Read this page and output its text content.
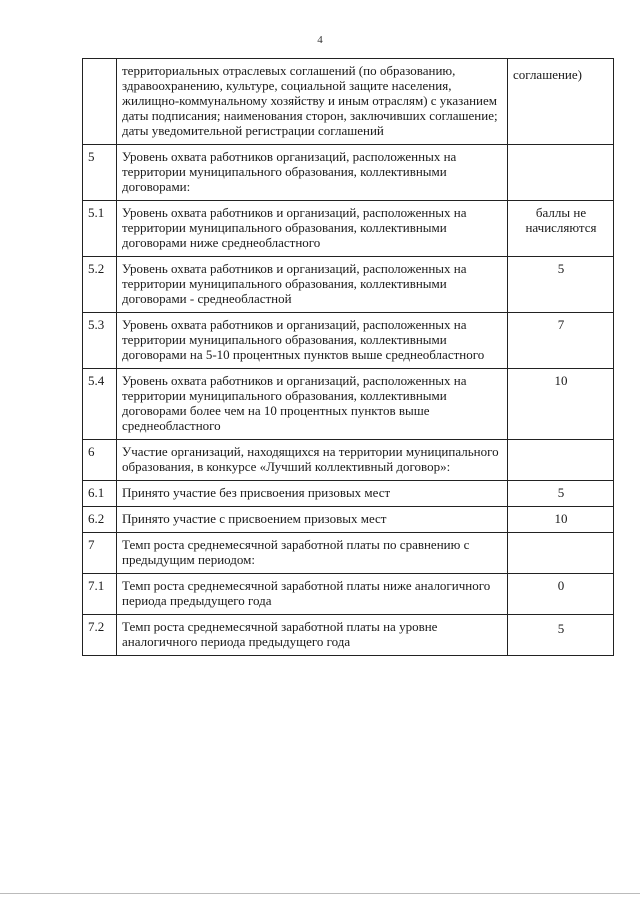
4
	территориальных отраслевых соглашений (по образованию, здравоохранению, культуре, социальной защите населения, жилищно-коммунальному хозяйству и иным отраслям) с указанием даты подписания; наименования сторон, заключивших соглашение; даты уведомительной регистрации соглашений	соглашение)
5	Уровень охвата работников организаций, расположенных на территории муниципального образования, коллективными договорами:	
5.1	Уровень охвата работников и организаций, расположенных на территории муниципального образования, коллективными договорами ниже среднеобластного	баллы не начисляются
5.2	Уровень охвата работников и организаций, расположенных на территории муниципального образования, коллективными договорами - среднеобластной	5
5.3	Уровень охвата работников и организаций, расположенных на территории муниципального образования, коллективными договорами на 5-10 процентных пунктов выше среднеобластного	7
5.4	Уровень охвата работников и организаций, расположенных на территории муниципального образования, коллективными договорами более чем на 10 процентных пунктов выше среднеобластного	10
6	Участие организаций, находящихся на территории муниципального образования, в конкурсе «Лучший коллективный договор»:	
6.1	Принято участие без присвоения призовых мест	5
6.2	Принято участие с присвоением призовых мест	10
7	Темп роста среднемесячной заработной платы по сравнению с предыдущим периодом:	
7.1	Темп роста среднемесячной заработной платы ниже аналогичного периода предыдущего года	0
7.2	Темп роста среднемесячной заработной платы на уровне аналогичного периода предыдущего года	5
